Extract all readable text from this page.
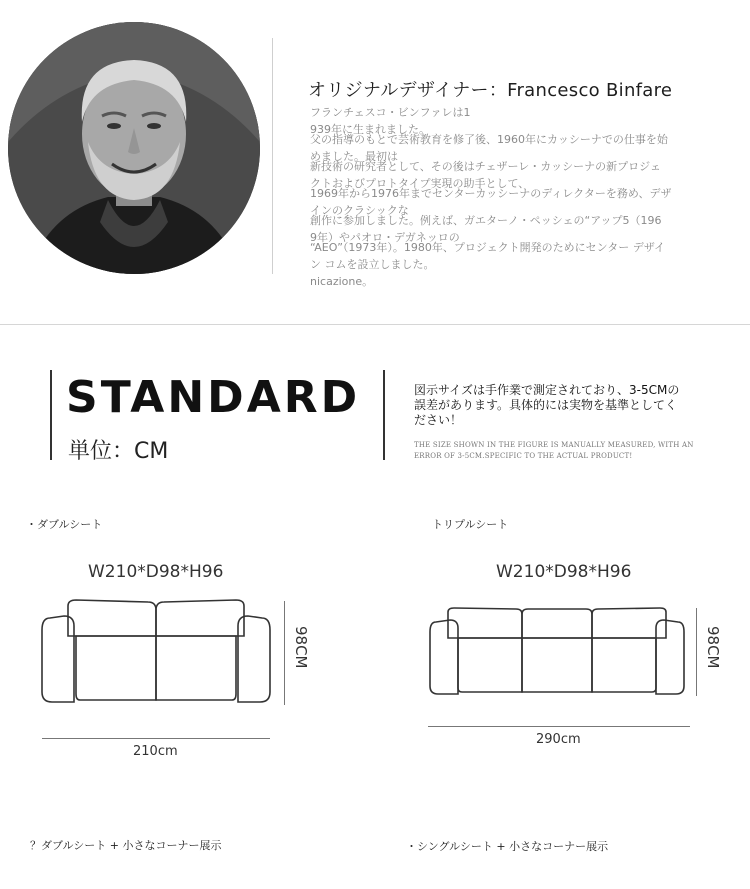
オリジナルデザイナー：Francesco Binfare
フランチェスコ・ビンファレは1
939年に生まれました。
父の指導のもとで芸術教育を修了後、1960年にカッシーナでの仕事を始
めました。最初は
新技術の研究者として、その後はチェザーレ・カッシーナの新プロジェ
クトおよびプロトタイプ実現の助手として、
1969年から1976年までセンターカッシーナのディレクターを務め、デザ
インのクラシックな
創作に参加しました。例えば、ガエターノ・ペッシェの“アップ5（196
9年）やパオロ・デガネッロの
“AEO”（1973年）。1980年、プロジェクト開発のためにセンター デザイ
ン コムを設立しました。
nicazione。
STANDARD
単位：CM
図示サイズは手作業で測定されており、3-5CMの誤差があります。具体的には実物を基準としてください！
THE SIZE SHOWN IN THE FIGURE IS MANUALLY MEASURED, WITH AN ERROR OF 3-5CM.SPECIFIC TO THE ACTUAL PRODUCT!
・ダブルシート
W210*D98*H96
98CM
210cm
トリプルシート
W210*D98*H96
98CM
290cm
？ダブルシート + 小さなコーナー展示	・シングルシート + 小さなコーナー展示
